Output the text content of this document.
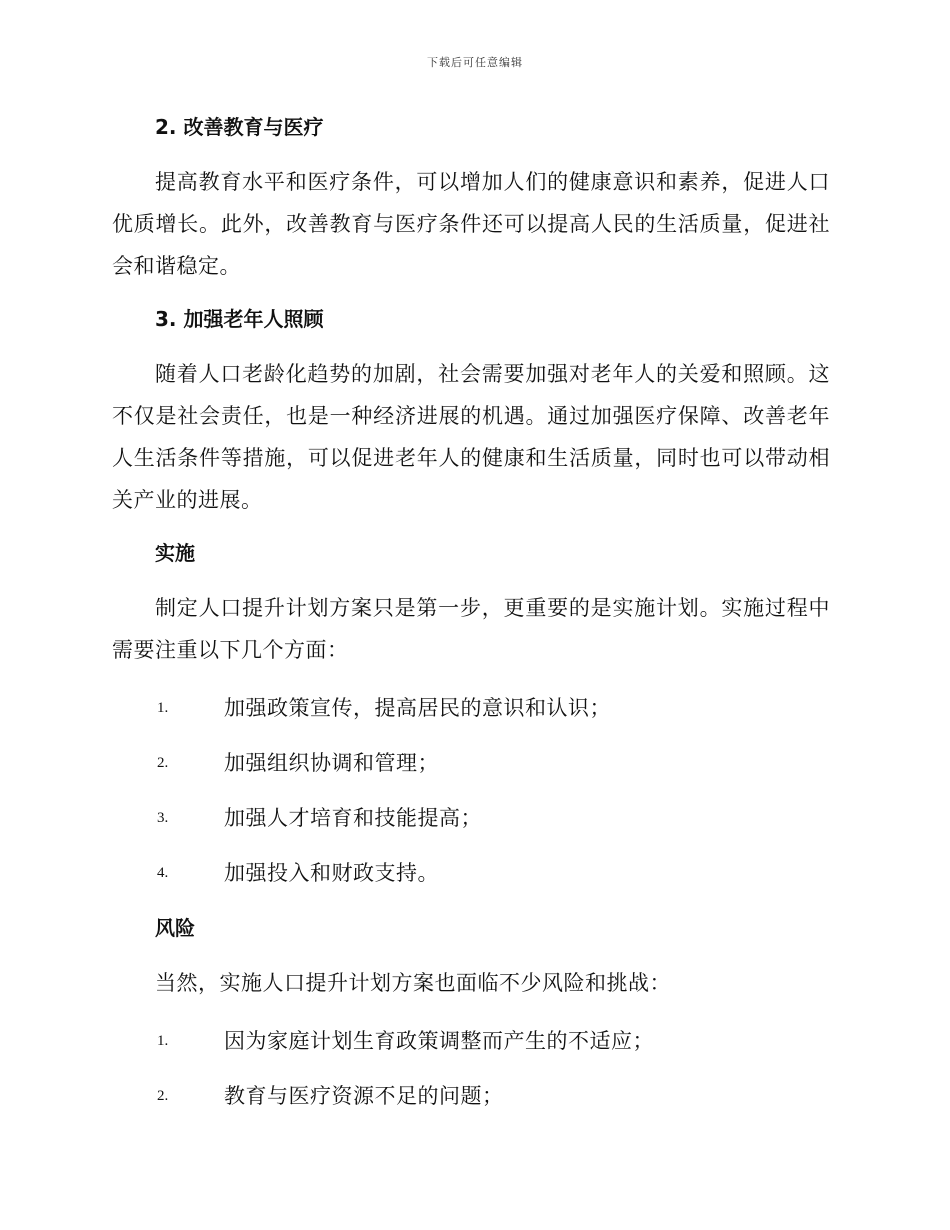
下载后可任意编辑
2. 改善教育与医疗

提高教育水平和医疗条件，可以增加人们的健康意识和素养，促进人口优质增长。此外，改善教育与医疗条件还可以提高人民的生活质量，促进社会和谐稳定。

3. 加强老年人照顾

随着人口老龄化趋势的加剧，社会需要加强对老年人的关爱和照顾。这不仅是社会责任，也是一种经济进展的机遇。通过加强医疗保障、改善老年人生活条件等措施，可以促进老年人的健康和生活质量，同时也可以带动相关产业的进展。

实施

制定人口提升计划方案只是第一步，更重要的是实施计划。实施过程中需要注重以下几个方面：

1.	加强政策宣传，提高居民的意识和认识；
2.	加强组织协调和管理；
3.	加强人才培育和技能提高；
4.	加强投入和财政支持。
风险

当然，实施人口提升计划方案也面临不少风险和挑战：

1.	因为家庭计划生育政策调整而产生的不适应；
2.	教育与医疗资源不足的问题；
